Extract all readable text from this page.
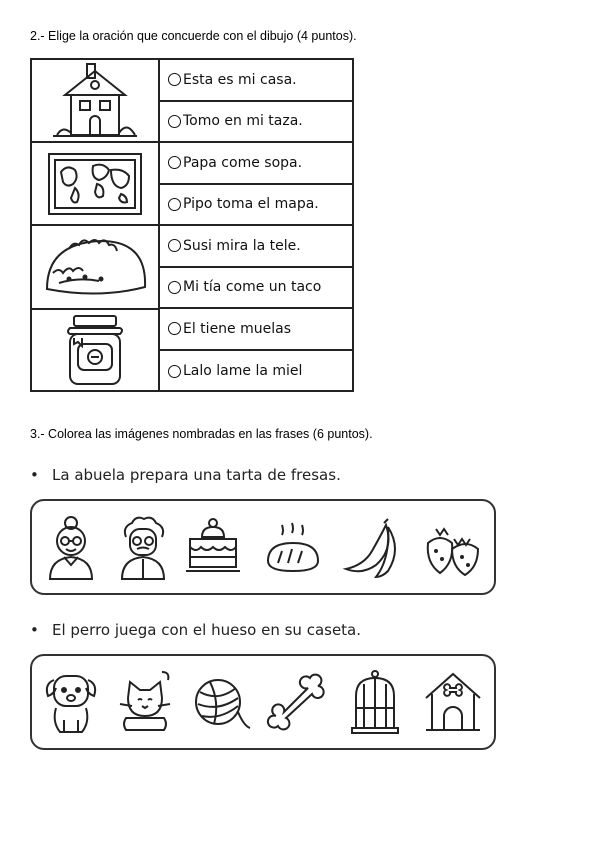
2.- Elige la oración que concuerde con el dibujo (4 puntos).
Esta es mi casa.
Tomo en mi taza.
Papa come sopa.
Pipo toma el mapa.
Susi mira la tele.
Mi tía come un taco
El tiene muelas
Lalo lame la miel
3.- Colorea las imágenes nombradas en las frases (6 puntos).
• La abuela prepara una tarta de fresas.
• El perro juega con el hueso en su caseta.
